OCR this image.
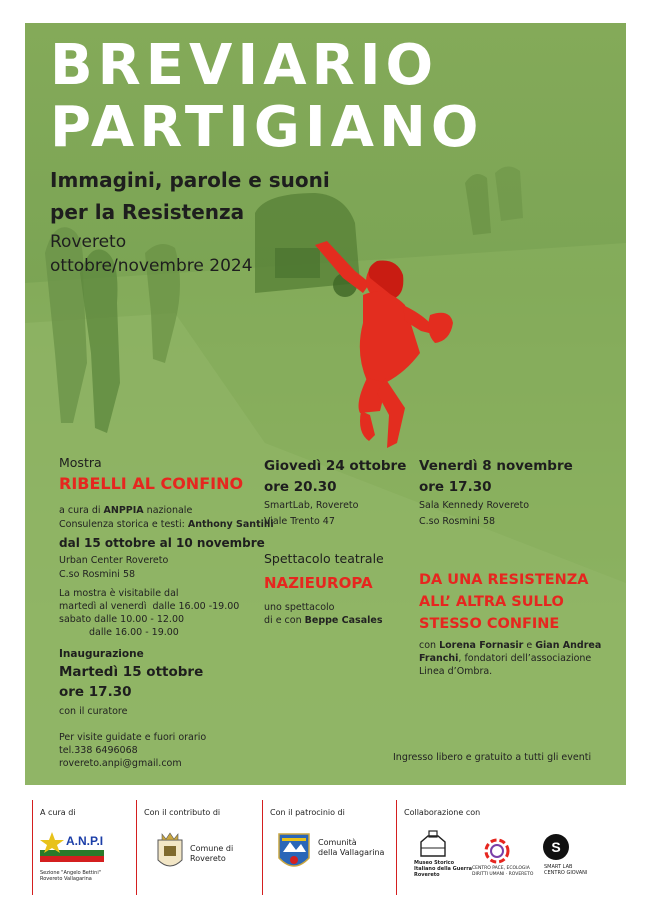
BREVIARIO
PARTIGIANO
Immagini, parole e suoni
per la Resistenza
Rovereto
ottobre/novembre 2024
Mostra
RIBELLI AL CONFINO
a cura di ANPPIA nazionale
Consulenza storica e testi: Anthony Santilli
dal 15 ottobre al 10 novembre
Urban Center Rovereto
C.so Rosmini 58
La mostra è visitabile dal
martedì al venerdì  dalle 16.00 -19.00
sabato dalle 10.00 - 12.00
dalle 16.00 - 19.00
Inaugurazione
Martedì 15 ottobre
ore 17.30
con il curatore
Per visite guidate e fuori orario
tel.338 6496068
rovereto.anpi@gmail.com
Giovedì 24 ottobre
ore 20.30
SmartLab, Rovereto
Viale Trento 47
Spettacolo teatrale
NAZIEUROPA
uno spettacolo
di e con Beppe Casales
Venerdì 8 novembre
ore 17.30
Sala Kennedy Rovereto
C.so Rosmini 58
DA UNA RESISTENZA
ALL’ ALTRA SULLO
STESSO CONFINE
con Lorena Fornasir e Gian Andrea
Franchi, fondatori dell’associazione
Linea d’Ombra.
Ingresso libero e gratuito a tutti gli eventi
A cura di
A.N.P.I
Sezione "Angelo Bettini"
Rovereto Vallagarina
Con il contributo di
Comune di
Rovereto
Con il patrocinio di
Comunità
della Vallagarina
Collaborazione con
Museo Storico
Italiano della Guerra
Rovereto
CENTRO PACE, ECOLOGIA
DIRITTI UMANI · ROVERETO
S
SMART LAB
CENTRO GIOVANI
